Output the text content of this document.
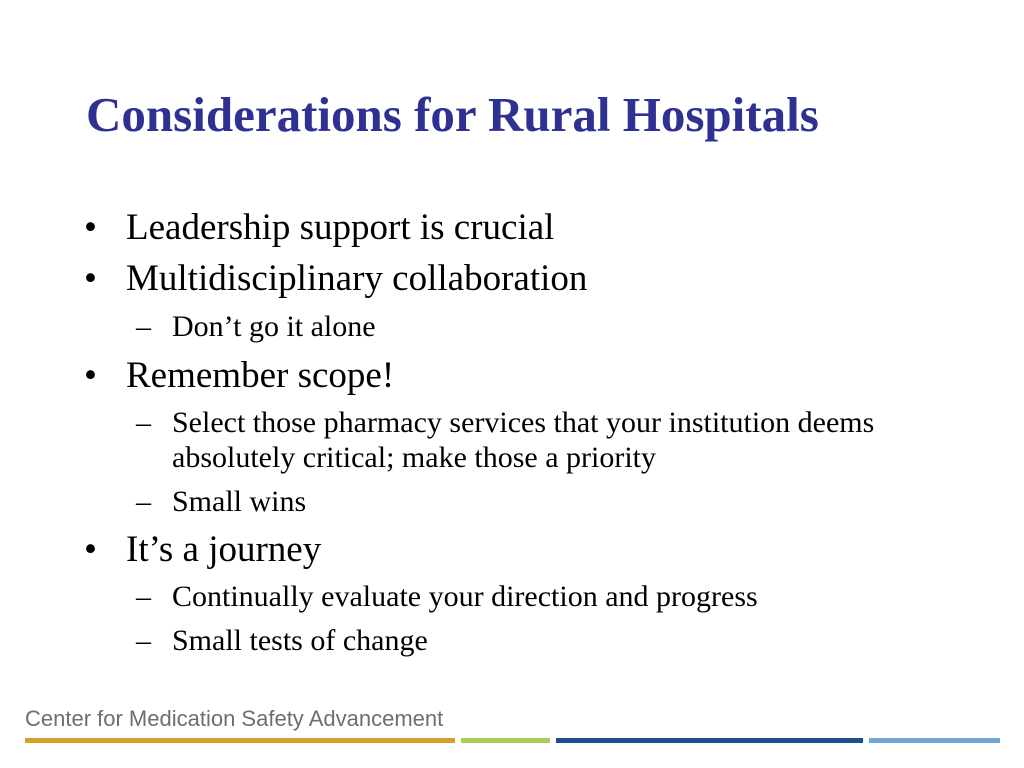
Considerations for Rural Hospitals
• Leadership support is crucial
• Multidisciplinary collaboration
– Don’t go it alone
• Remember scope!
– Select those pharmacy services that your institution deems absolutely critical; make those a priority
– Small wins
• It’s a journey
– Continually evaluate your direction and progress
– Small tests of change
Center for Medication Safety Advancement
